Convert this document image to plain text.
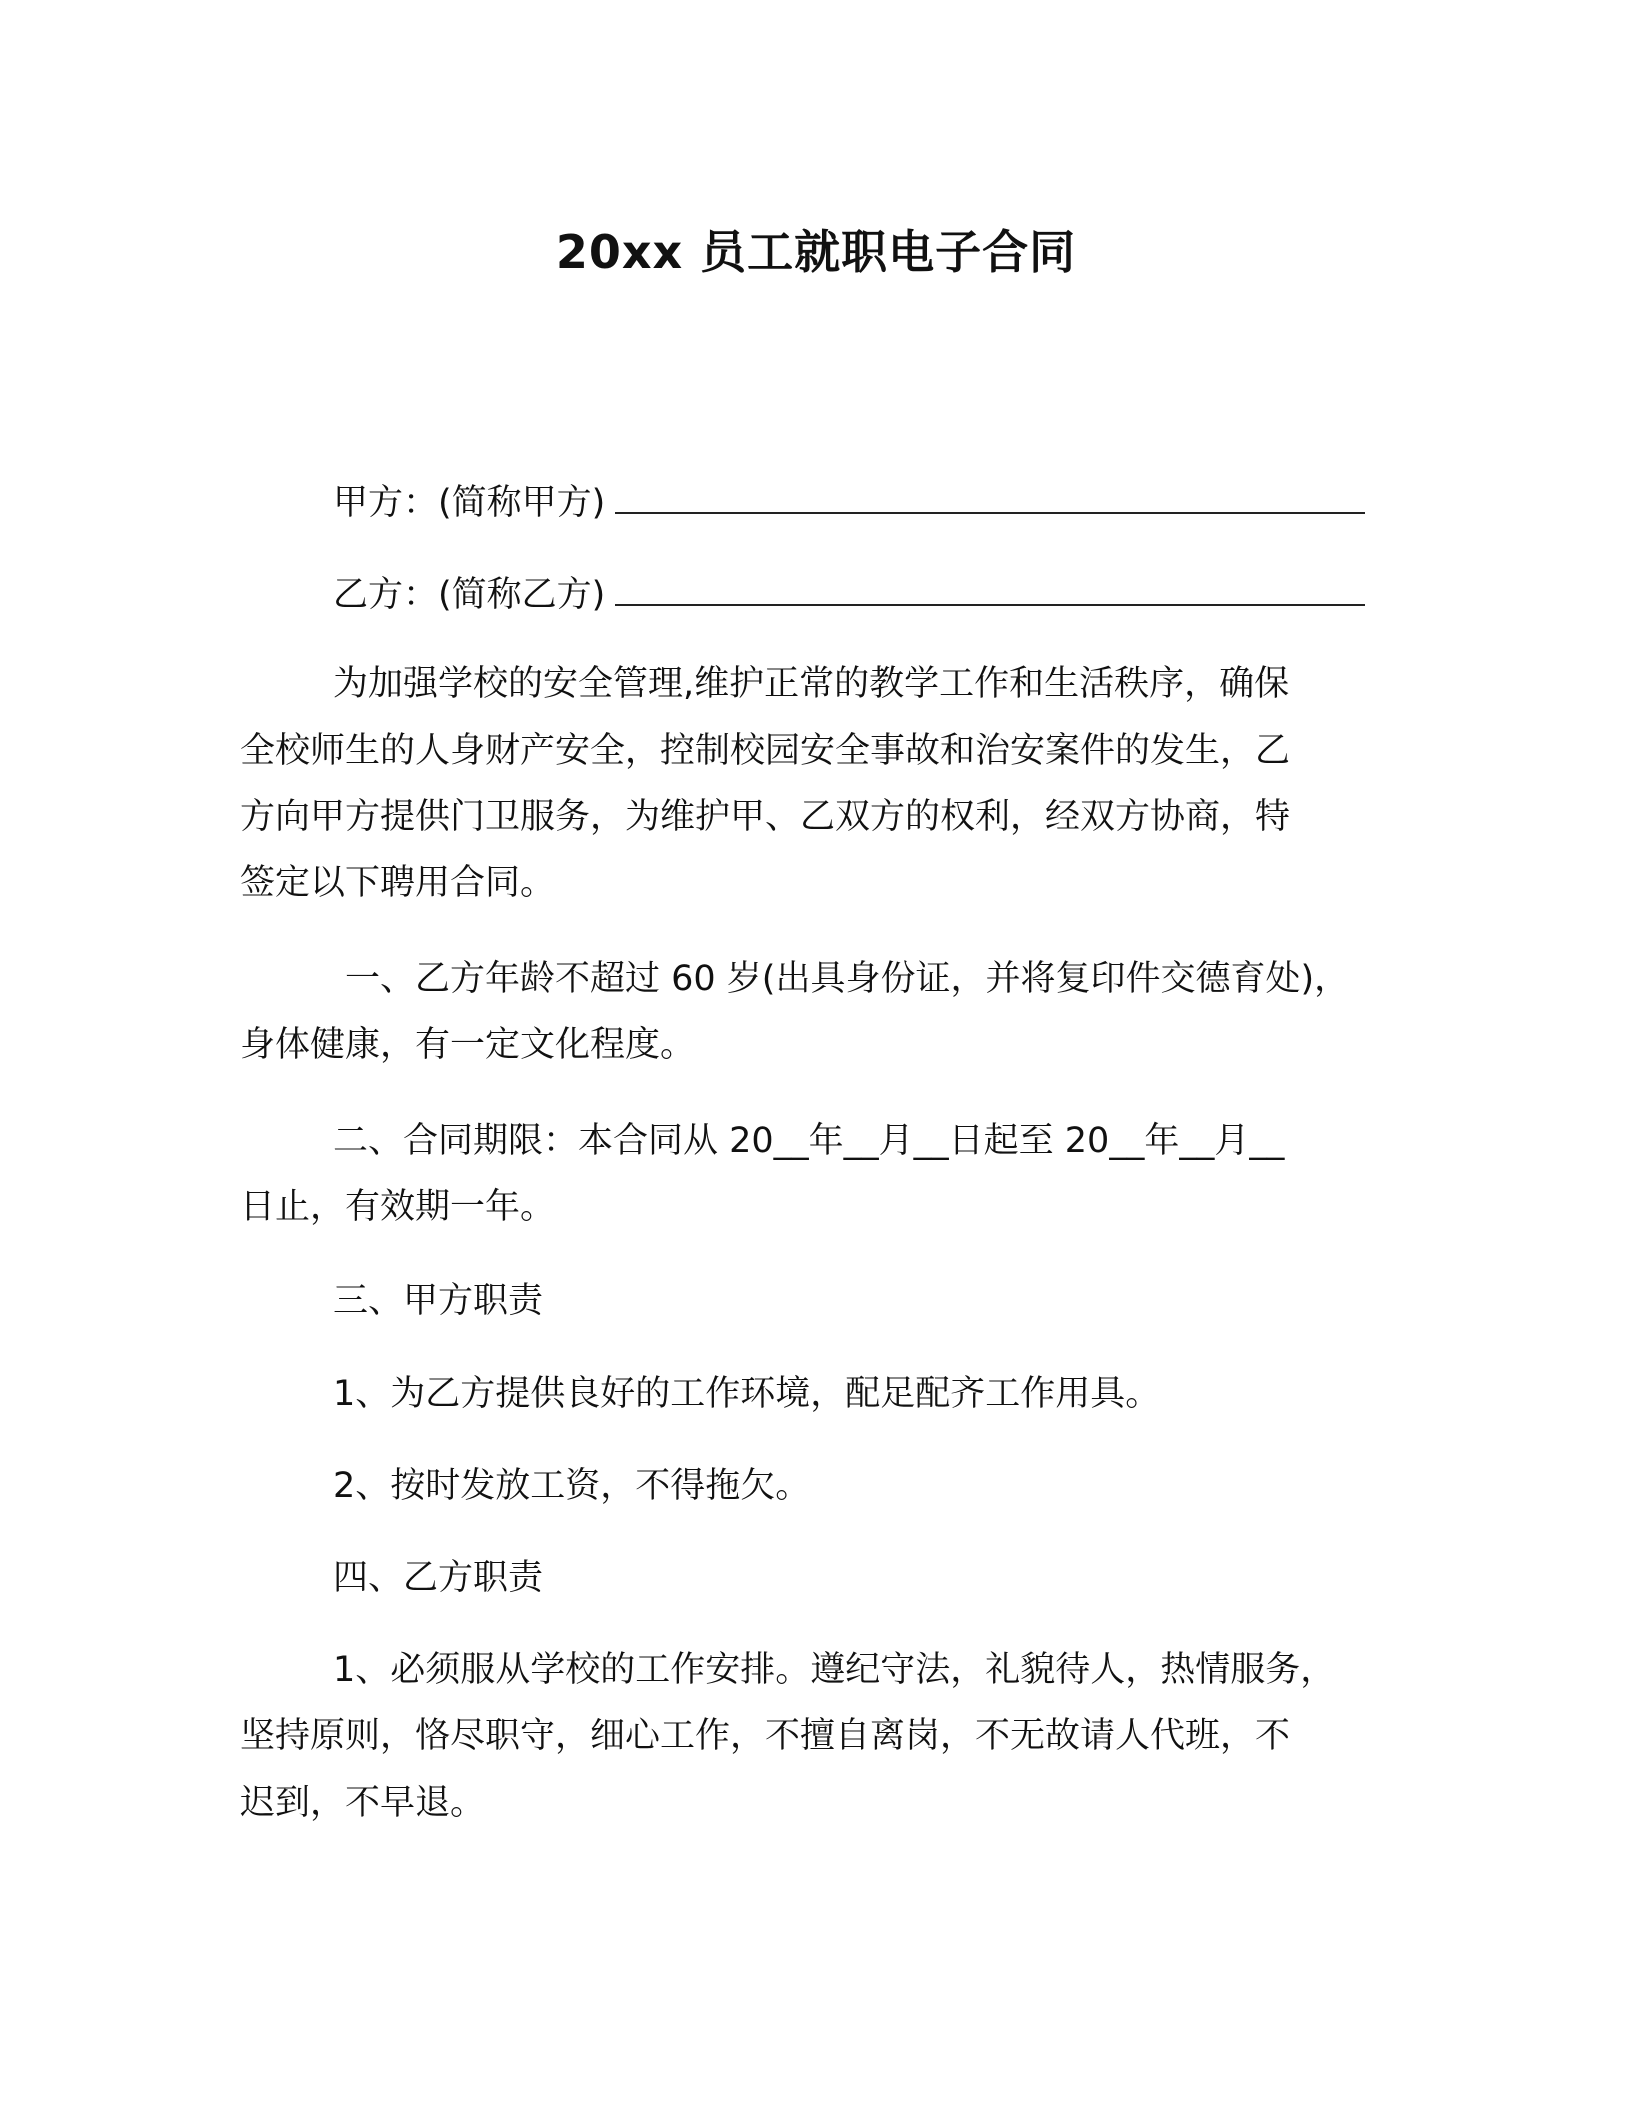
20xx 员工就职电子合同
甲方：(简称甲方)
乙方：(简称乙方)
为加强学校的安全管理,维护正常的教学工作和生活秩序，确保
全校师生的人身财产安全，控制校园安全事故和治安案件的发生，乙
方向甲方提供门卫服务，为维护甲、乙双方的权利，经双方协商，特
签定以下聘用合同。
一、乙方年龄不超过 60 岁(出具身份证，并将复印件交德育处)，
身体健康，有一定文化程度。
二、合同期限：本合同从 20__年__月__日起至 20__年__月__
日止，有效期一年。
三、甲方职责
1、为乙方提供良好的工作环境，配足配齐工作用具。
2、按时发放工资，不得拖欠。
四、乙方职责
1、必须服从学校的工作安排。遵纪守法，礼貌待人，热情服务，
坚持原则，恪尽职守，细心工作，不擅自离岗，不无故请人代班，不
迟到，不早退。
